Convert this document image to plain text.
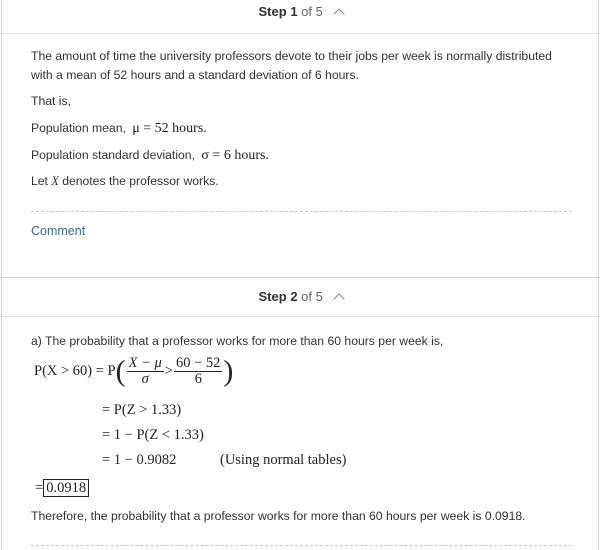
Step 1 of 5
The amount of time the university professors devote to their jobs per week is normally distributed
with a mean of 52 hours and a standard deviation of 6 hours.
That is,
Population mean, μ = 52 hours.
Population standard deviation, σ = 6 hours.
Let X denotes the professor works.
Comment
Step 2 of 5
a) The probability that a professor works for more than 60 hours per week is,
$P(X > 60) = P( \frac{X - \mu}{\sigma} > \frac{60 - 52}{6}$ )
= P(Z > 1.33)
= 1 − P(Z < 1.33)
= 1 − 0.9082	(Using normal tables)
= 0.0918
Therefore, the probability that a professor works for more than 60 hours per week is 0.0918.
